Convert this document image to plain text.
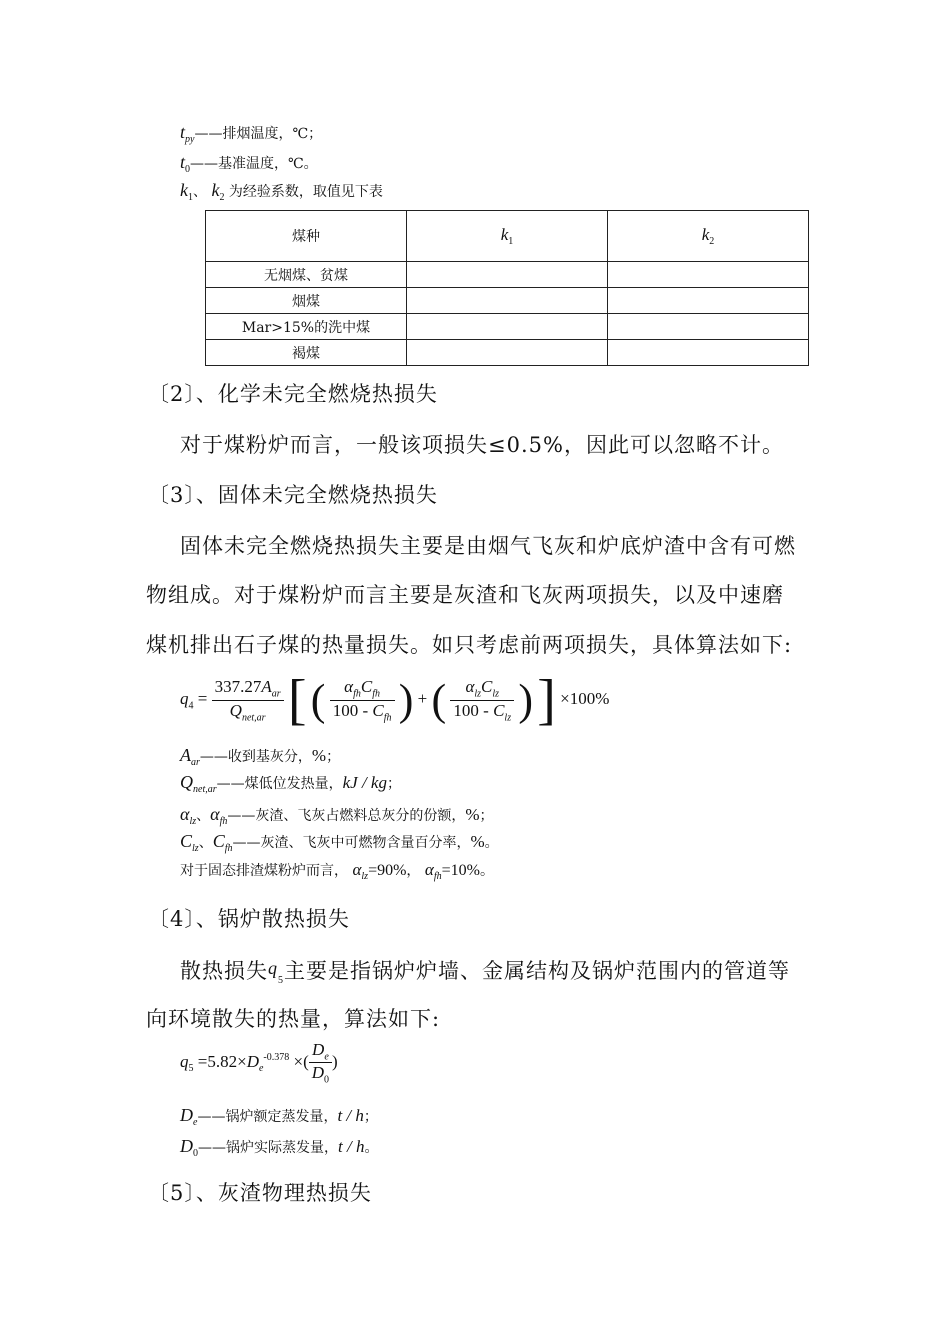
$t_{py}——$排烟温度，℃；
$t_0——$基准温度，℃。
$k_1$、 $k_2$ 为经验系数，取值见下表
煤种	$k_1$	$k_2$
无烟煤、贫煤		
烟煤		
Mar>15%的洗中煤		
褐煤		
〔2〕、化学未完全燃烧热损失
对于煤粉炉而言，一般该项损失≤0.5%，因此可以忽略不计。
〔3〕、固体未完全燃烧热损失
固体未完全燃烧热损失主要是由烟气飞灰和炉底炉渣中含有可燃
物组成。对于煤粉炉而言主要是灰渣和飞灰两项损失，以及中速磨
煤机排出石子煤的热量损失。如只考虑前两项损失，具体算法如下:
$q_4 = \frac{337.27A_{ar}}{Q_{net,ar}}$ [ ( $\frac{\alpha_{fh}C_{fh}}{100 - C_{fh}}$ ) + ( $\frac{\alpha_{lz}C_{lz}}{100 - C_{lz}}$ ) ] ×100%
$A_{ar}——$收到基灰分，%；
$Q_{net,ar}——$煤低位发热量，kJ / kg；
$\alpha_{lz}$、$\alpha_{fh}——$灰渣、飞灰占燃料总灰分的份额，%；
$C_{lz}$、$C_{fh}——$灰渣、飞灰中可燃物含量百分率，%。
对于固态排渣煤粉炉而言， $\alpha_{lz}=90\%$， $\alpha_{fh}=10\%$。
〔4〕、锅炉散热损失
散热损失$q_5$主要是指锅炉炉墙、金属结构及锅炉范围内的管道等
向环境散失的热量，算法如下:
$q_5 =5.82\times D_e^{-0.378}$ ×( $\frac{D_e}{D_0}$ )
$D_e——$锅炉额定蒸发量，t / h；
$D_0——$锅炉实际蒸发量，t / h。
〔5〕、灰渣物理热损失
